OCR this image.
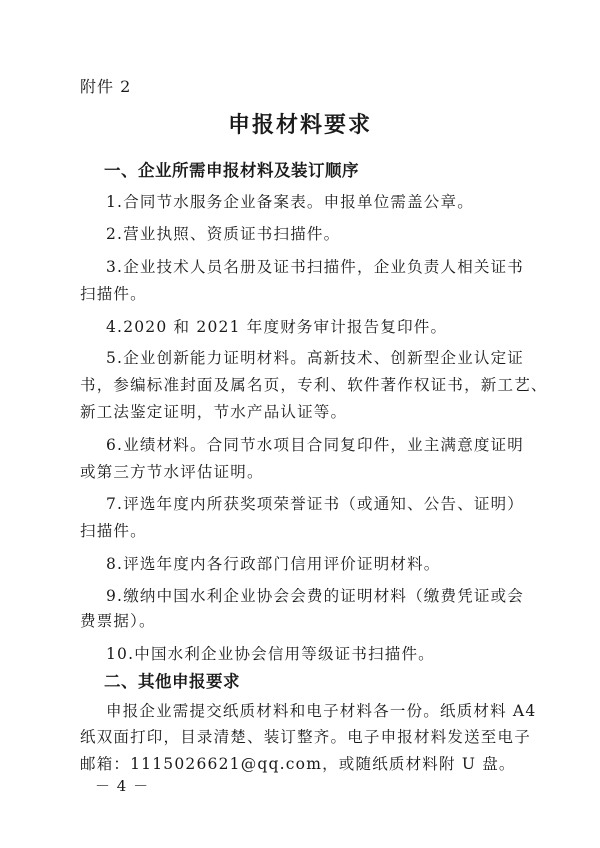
附件 2
申报材料要求
一、企业所需申报材料及装订顺序
1.合同节水服务企业备案表。申报单位需盖公章。
2.营业执照、资质证书扫描件。
3.企业技术人员名册及证书扫描件，企业负责人相关证书
扫描件。
4.2020 和 2021 年度财务审计报告复印件。
5.企业创新能力证明材料。高新技术、创新型企业认定证
书，参编标准封面及属名页，专利、软件著作权证书，新工艺、
新工法鉴定证明，节水产品认证等。
6.业绩材料。合同节水项目合同复印件，业主满意度证明
或第三方节水评估证明。
7.评选年度内所获奖项荣誉证书（或通知、公告、证明）
扫描件。
8.评选年度内各行政部门信用评价证明材料。
9.缴纳中国水利企业协会会费的证明材料（缴费凭证或会
费票据）。
10.中国水利企业协会信用等级证书扫描件。
二、其他申报要求
申报企业需提交纸质材料和电子材料各一份。纸质材料 A4
纸双面打印，目录清楚、装订整齐。电子申报材料发送至电子
邮箱：1115026621@qq.com，或随纸质材料附 U 盘。
－ 4 －
